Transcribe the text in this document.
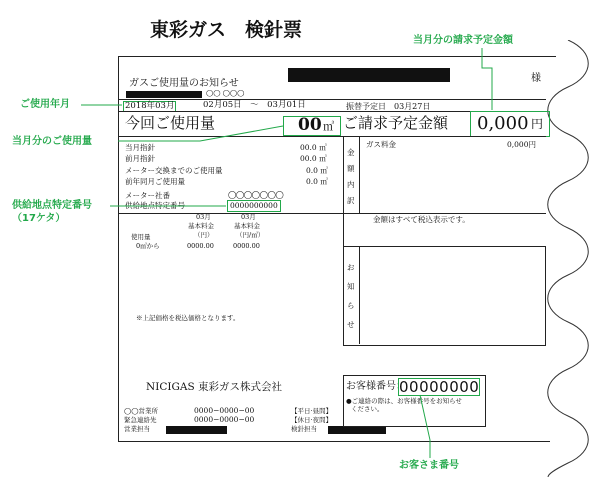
東彩ガス　検針票
ガスご使用量のお知らせ	様
◯◯ ◯◯◯
2018年03月	02月05日　～　03月01日	振替予定日　03月27日
今回ご使用量	00 ㎥ ご請求予定金額 0,000 円
当月指針	00.0 ㎥
前月指針	00.0 ㎥
メーター交換までのご使用量	0.0 ㎥
前年同月ご使用量	0.0 ㎥
メーター社番	◯◯◯◯◯◯◯
供給地点特定番号	0000000000
金
額
内
訳
ガス料金	0,000円
03月	03月
基本料金	基本料金
（円）	（円/㎥）
使用量
0㎥から	0000.00	0000.00
金額はすべて税込表示です。
※上記価格を税込価格となります。
お
知
ら
せ
NICIGAS 東彩ガス株式会社
◯◯営業所	0000−0000−00	【平日·昼間】
緊急連絡先	0000−0000−00	【休日·夜間】
営業担当	検針担当
お客様番号：
00000000
●ご連絡の際は、お客様番号をお知らせ
ください。
当月分の請求予定金額
ご使用年月
当月分のご使用量
供給地点特定番号
（17ケタ）
お客さま番号
